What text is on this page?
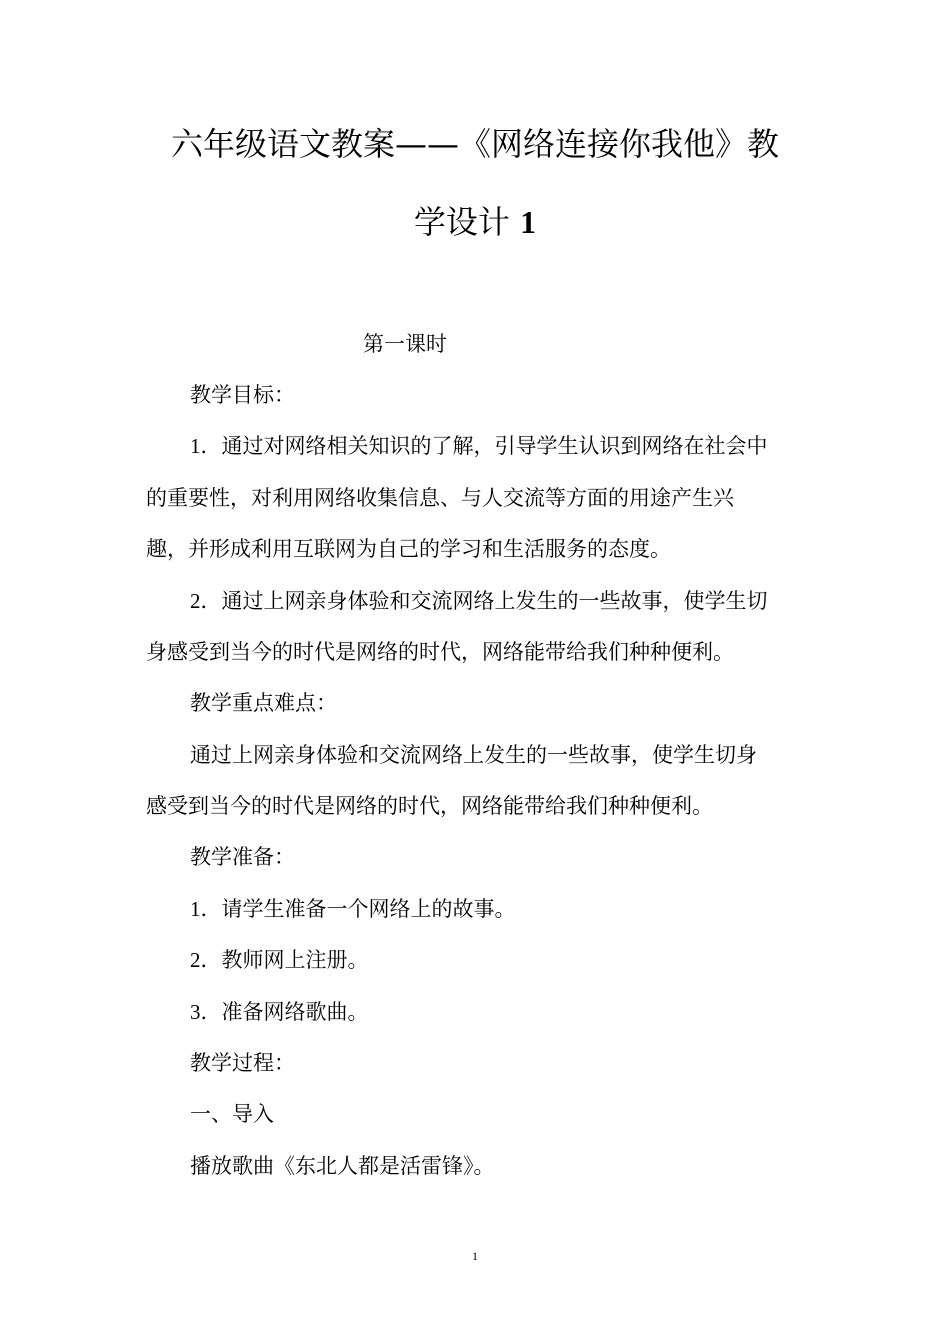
六年级语文教案——《网络连接你我他》教
学设计 1
第一课时
教学目标：
1．通过对网络相关知识的了解，引导学生认识到网络在社会中
的重要性，对利用网络收集信息、与人交流等方面的用途产生兴
趣，并形成利用互联网为自己的学习和生活服务的态度。
2．通过上网亲身体验和交流网络上发生的一些故事，使学生切
身感受到当今的时代是网络的时代，网络能带给我们种种便利。
教学重点难点：
通过上网亲身体验和交流网络上发生的一些故事，使学生切身
感受到当今的时代是网络的时代，网络能带给我们种种便利。
教学准备：
1．请学生准备一个网络上的故事。
2．教师网上注册。
3．准备网络歌曲。
教学过程：
一、导入
播放歌曲《东北人都是活雷锋》。
1
